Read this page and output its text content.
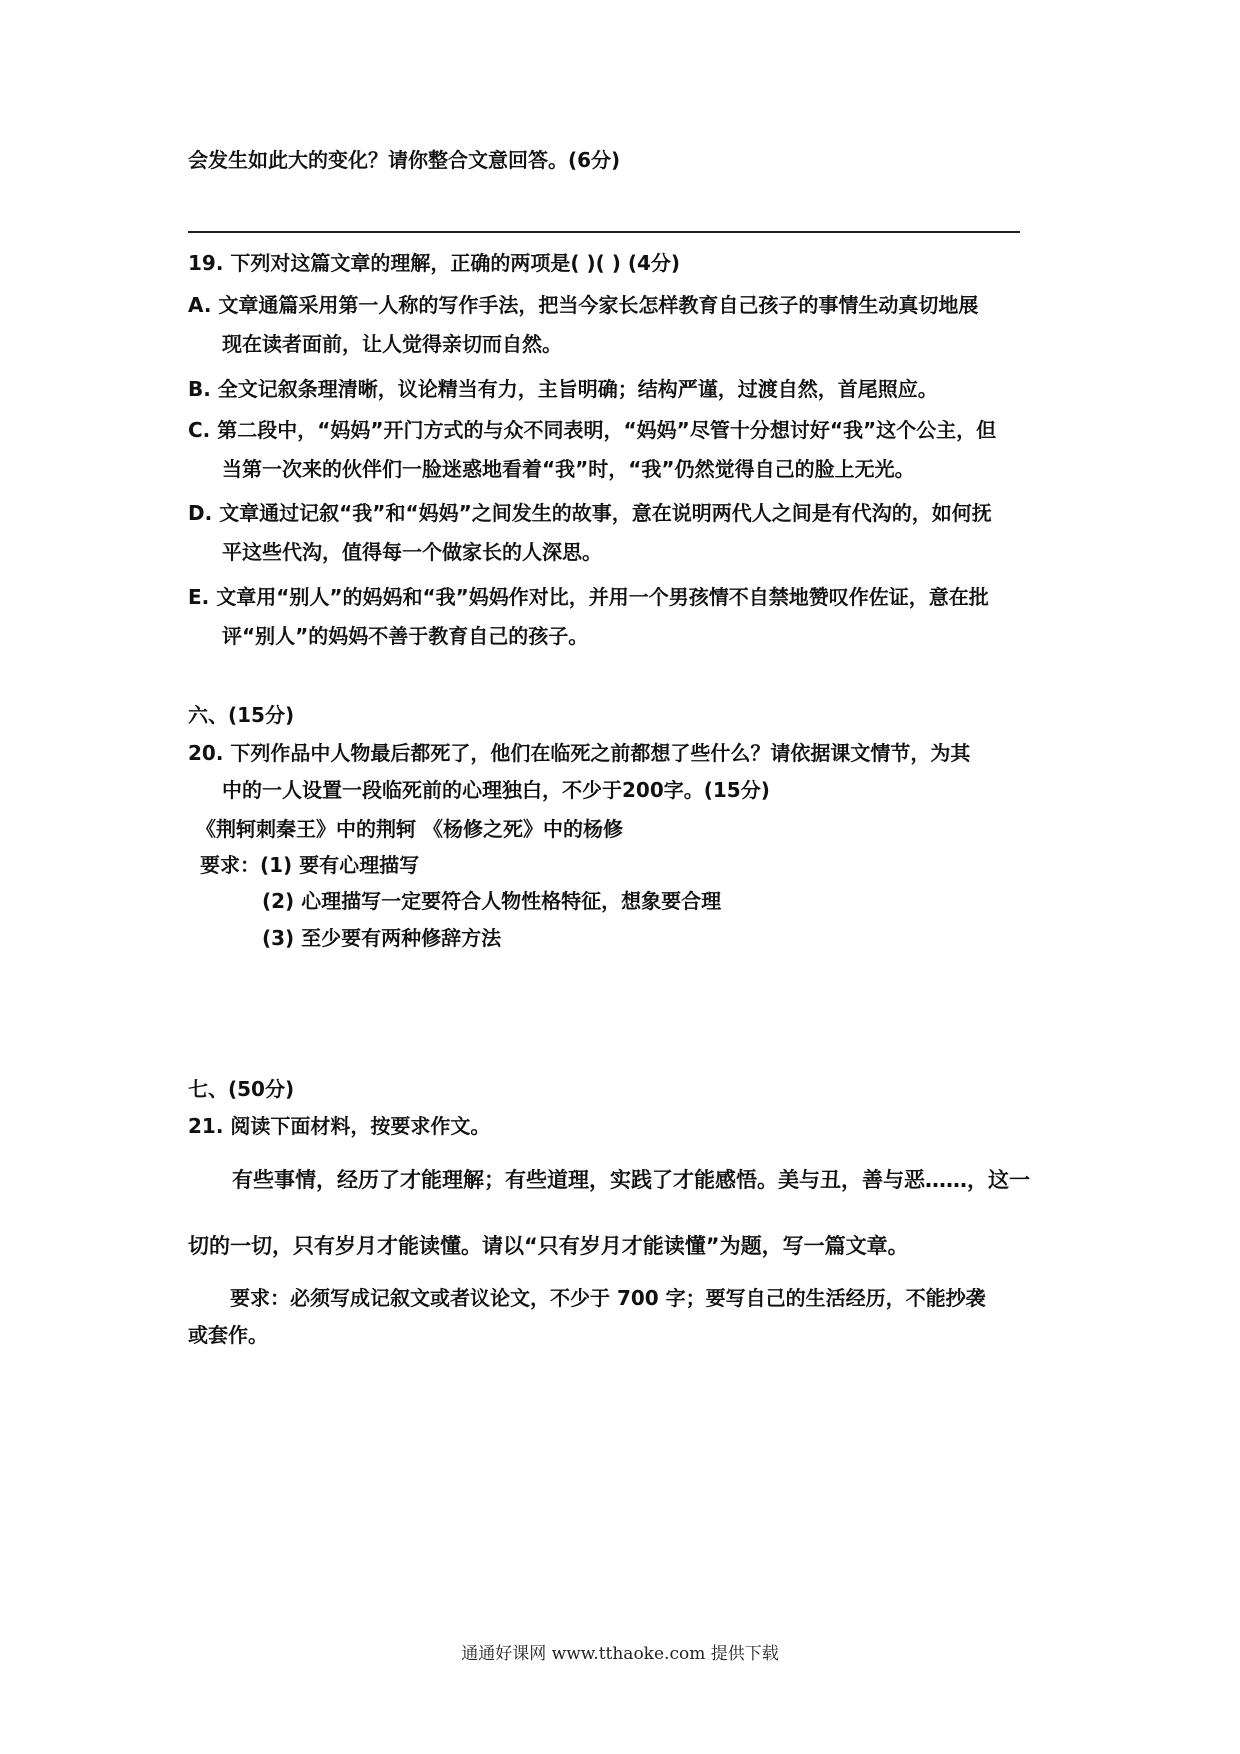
会发生如此大的变化？请你整合文意回答。(6分)
19. 下列对这篇文章的理解，正确的两项是( )( ) (4分)
A. 文章通篇采用第一人称的写作手法，把当今家长怎样教育自己孩子的事情生动真切地展
现在读者面前，让人觉得亲切而自然。
B. 全文记叙条理清晰，议论精当有力，主旨明确；结构严谨，过渡自然，首尾照应。
C. 第二段中，“妈妈”开门方式的与众不同表明，“妈妈”尽管十分想讨好“我”这个公主，但
当第一次来的伙伴们一脸迷惑地看着“我”时，“我”仍然觉得自己的脸上无光。
D. 文章通过记叙“我”和“妈妈”之间发生的故事，意在说明两代人之间是有代沟的，如何抚
平这些代沟，值得每一个做家长的人深思。
E. 文章用“别人”的妈妈和“我”妈妈作对比，并用一个男孩情不自禁地赞叹作佐证，意在批
评“别人”的妈妈不善于教育自己的孩子。
六、(15分)
20. 下列作品中人物最后都死了，他们在临死之前都想了些什么？请依据课文情节，为其
中的一人设置一段临死前的心理独白，不少于200字。(15分)
《荆轲刺秦王》中的荆轲 《杨修之死》中的杨修
要求：(1) 要有心理描写
(2) 心理描写一定要符合人物性格特征，想象要合理
(3) 至少要有两种修辞方法
七、(50分)
21. 阅读下面材料，按要求作文。
有些事情，经历了才能理解；有些道理，实践了才能感悟。美与丑，善与恶……，这一
切的一切，只有岁月才能读懂。请以“只有岁月才能读懂”为题，写一篇文章。
要求：必须写成记叙文或者议论文，不少于 700 字；要写自己的生活经历，不能抄袭
或套作。
通通好课网 www.tthaoke.com 提供下载
